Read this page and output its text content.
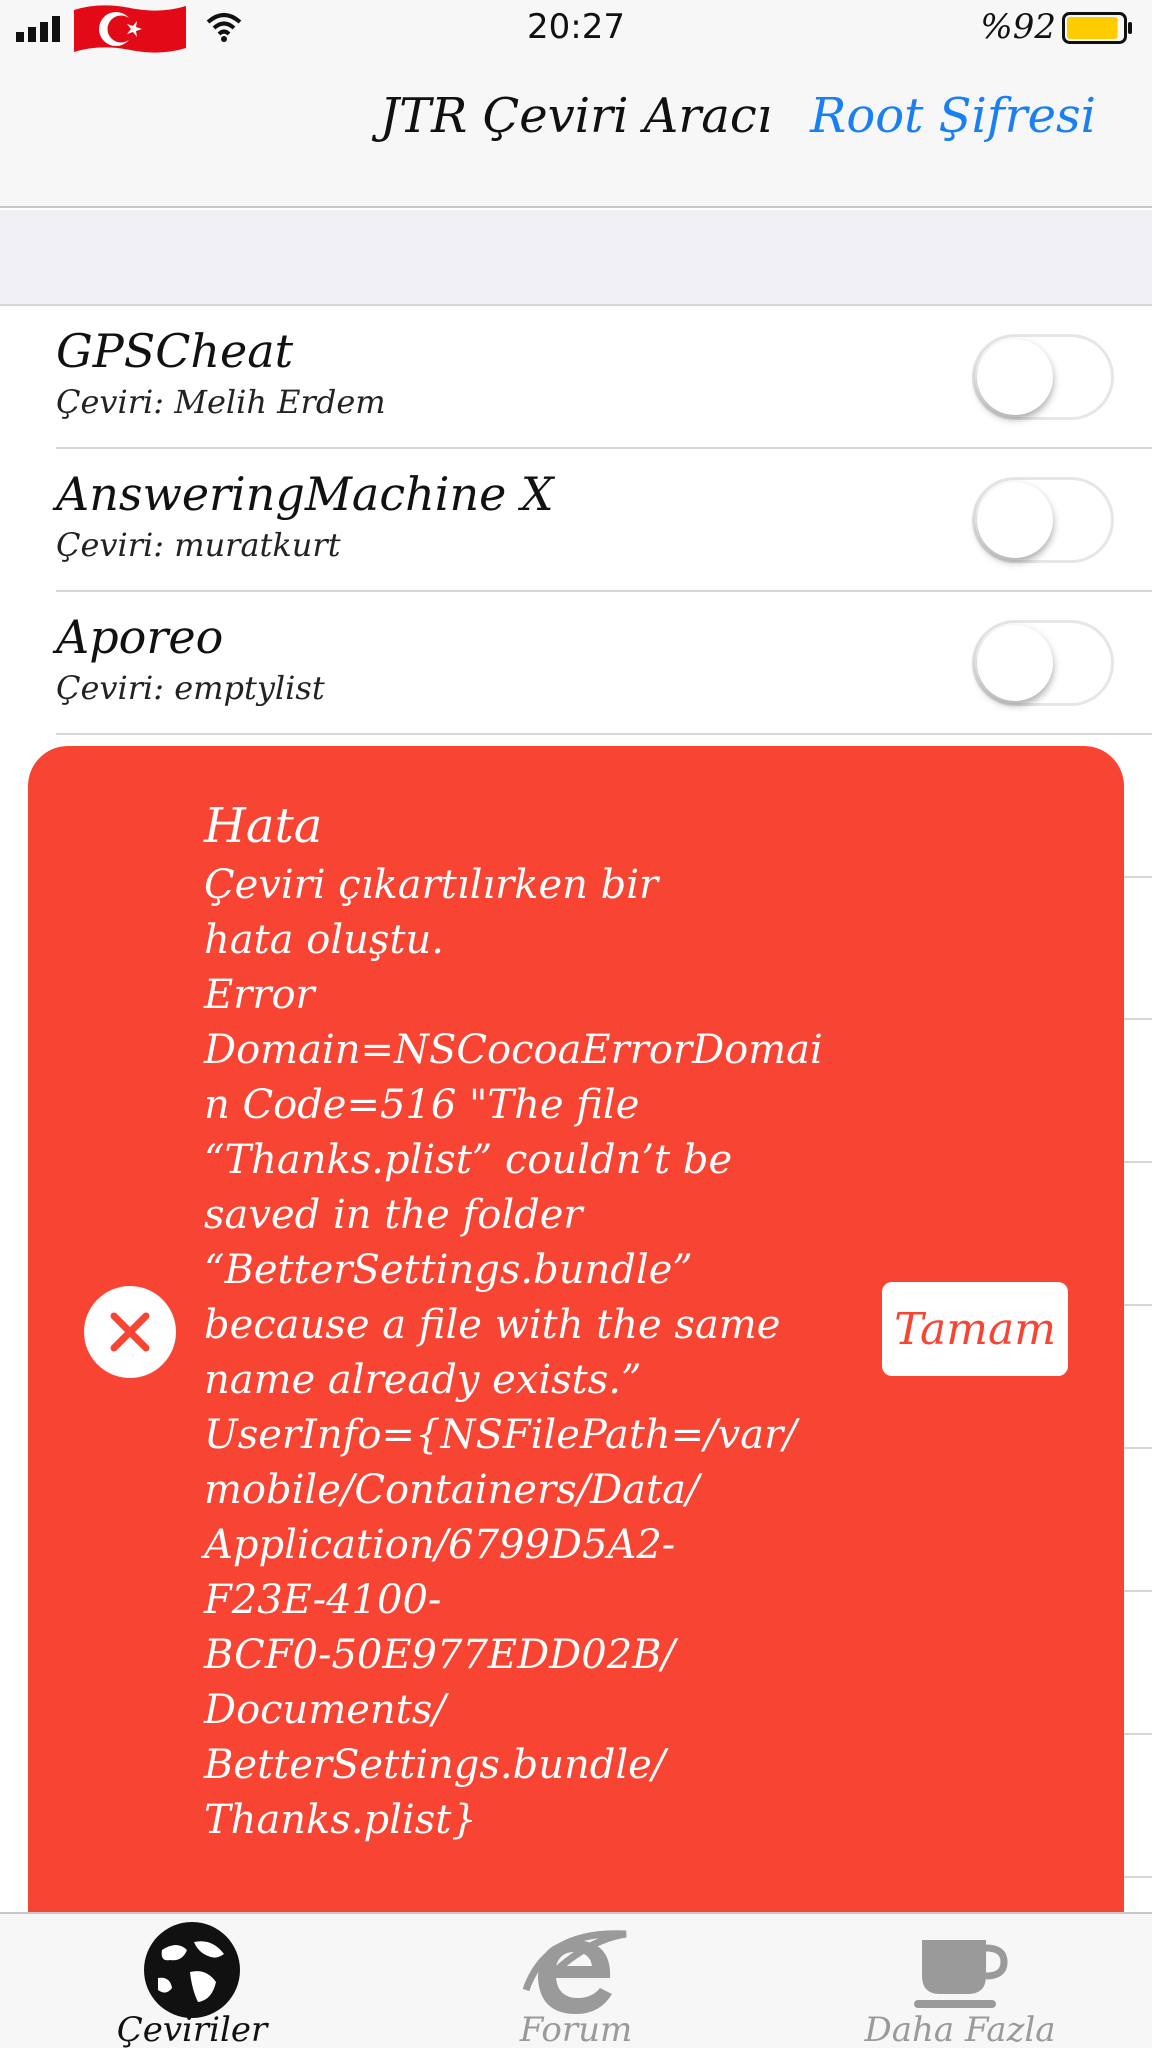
20:27	%92
JTR Çeviri Aracı Root Şifresi
GPSCheat
Çeviri: Melih Erdem
AnsweringMachine X
Çeviri: muratkurt
Aporeo
Çeviri: emptylist
Hata
Çeviri çıkartılırken bir
hata oluştu.
Error
Domain=NSCocoaErrorDomai
n Code=516 "The file
“Thanks.plist” couldn’t be
saved in the folder
“BetterSettings.bundle”
because a file with the same
name already exists.”
UserInfo={NSFilePath=/var/
mobile/Containers/Data/
Application/6799D5A2-
F23E-4100-
BCF0-50E977EDD02B/
Documents/
BetterSettings.bundle/
Thanks.plist}
Tamam
Çeviriler	Forum	Daha Fazla
